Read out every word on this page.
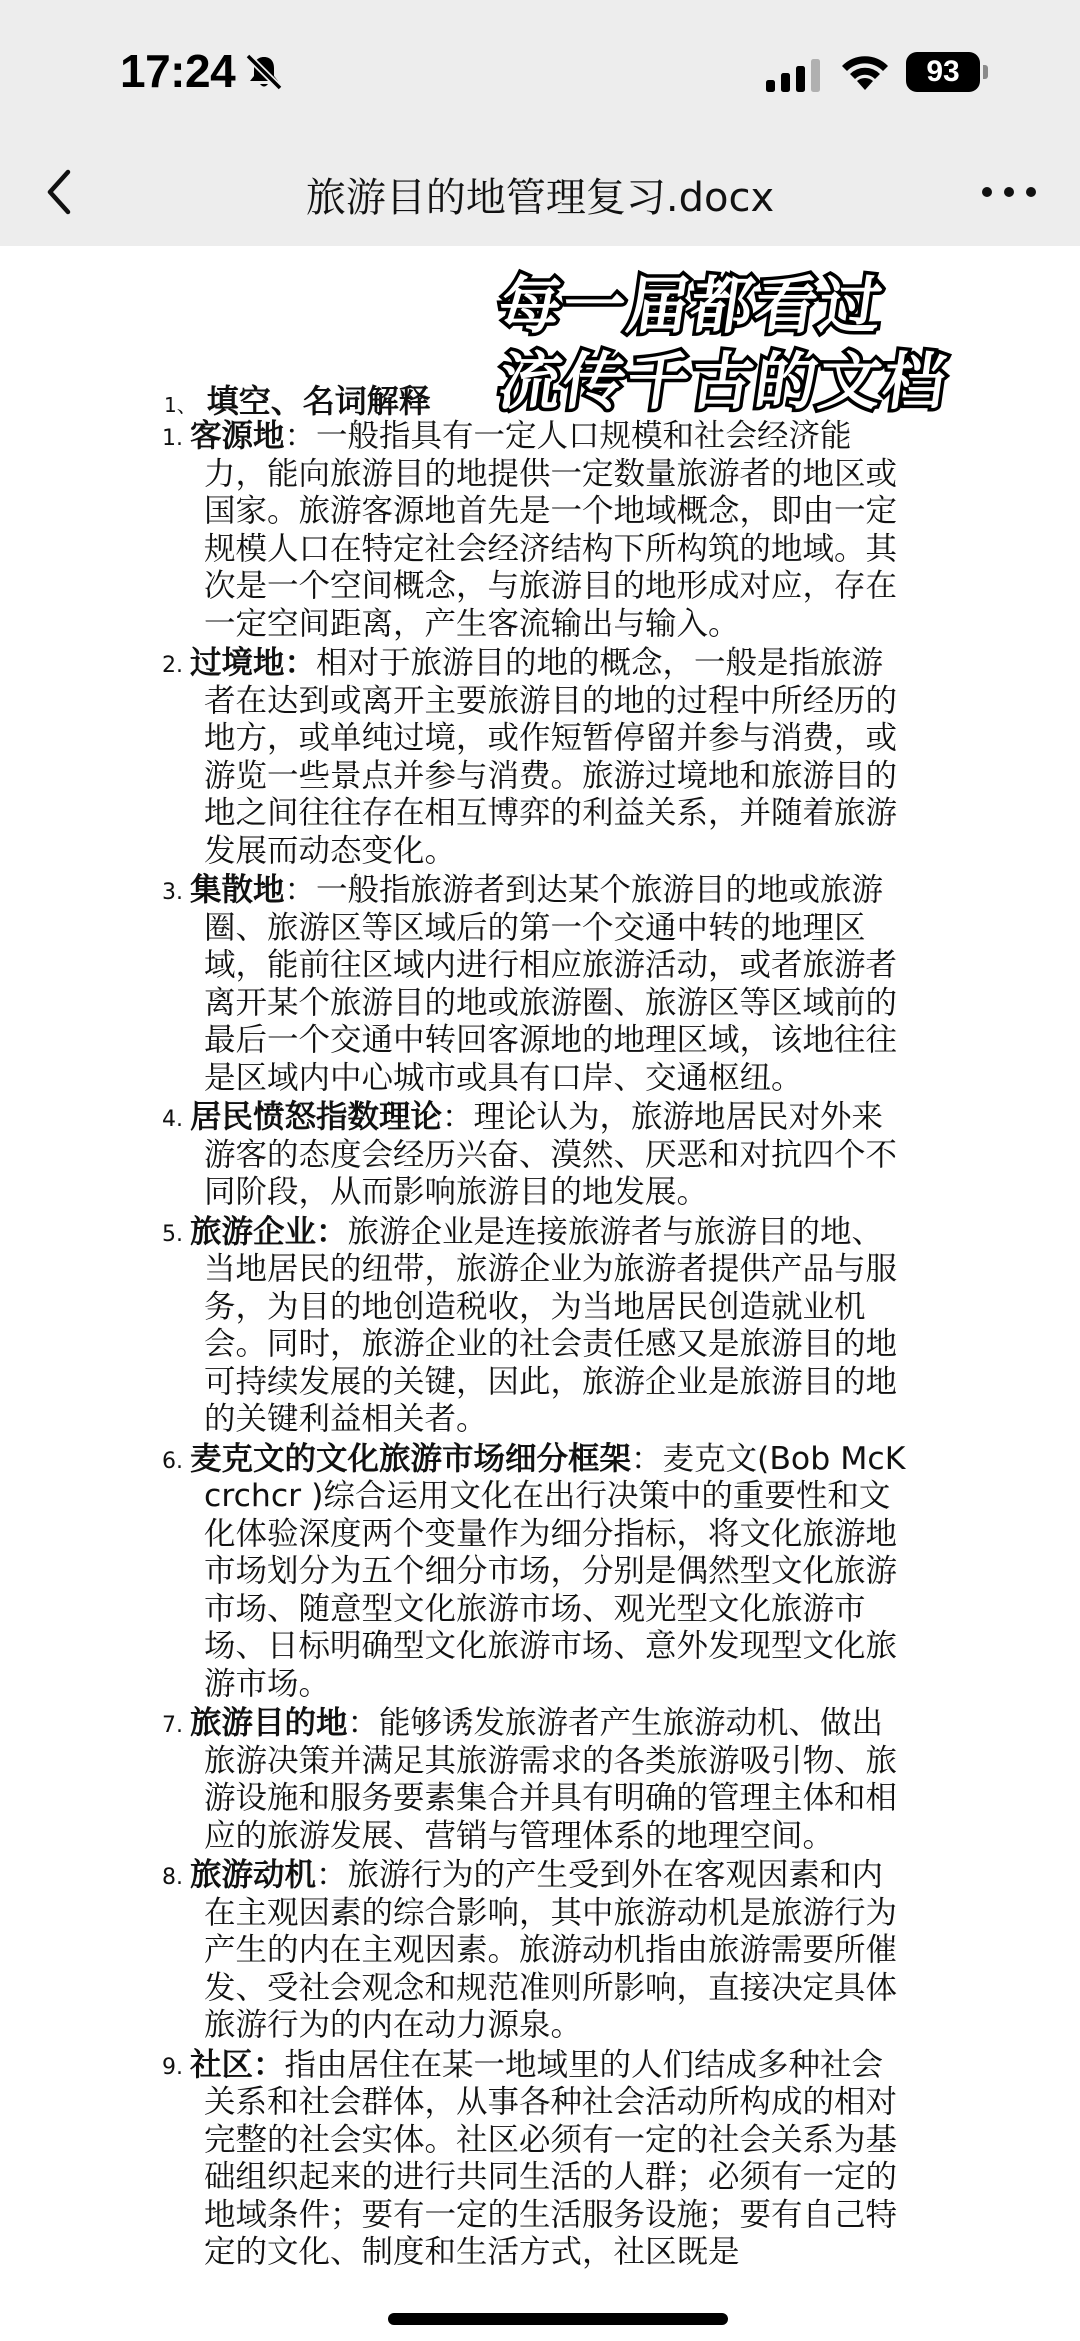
17:24	93
旅游目的地管理复习.docx
每一届都看过
流传千古的文档
1、 填空、名词解释
1. 客源地：一般指具有一定人口规模和社会经济能力，能向旅游目的地提供一定数量旅游者的地区或国家。旅游客源地首先是一个地域概念，即由一定规模人口在特定社会经济结构下所构筑的地域。其次是一个空间概念，与旅游目的地形成对应，存在一定空间距离，产生客流输出与输入。
2. 过境地：相对于旅游目的地的概念，一般是指旅游者在达到或离开主要旅游目的地的过程中所经历的地方，或单纯过境，或作短暂停留并参与消费，或游览一些景点并参与消费。旅游过境地和旅游目的地之间往往存在相互博弈的利益关系，并随着旅游发展而动态变化。
3. 集散地：一般指旅游者到达某个旅游目的地或旅游圈、旅游区等区域后的第一个交通中转的地理区域，能前往区域内进行相应旅游活动，或者旅游者离开某个旅游目的地或旅游圈、旅游区等区域前的最后一个交通中转回客源地的地理区域，该地往往是区域内中心城市或具有口岸、交通枢纽。
4. 居民愤怒指数理论：理论认为，旅游地居民对外来游客的态度会经历兴奋、漠然、厌恶和对抗四个不同阶段，从而影响旅游目的地发展。
5. 旅游企业：旅游企业是连接旅游者与旅游目的地、当地居民的纽带，旅游企业为旅游者提供产品与服务，为目的地创造税收，为当地居民创造就业机会。同时，旅游企业的社会责任感又是旅游目的地可持续发展的关键，因此，旅游企业是旅游目的地的关键利益相关者。
6. 麦克文的文化旅游市场细分框架：麦克文(Bob McKcrchcr )综合运用文化在出行决策中的重要性和文化体验深度两个变量作为细分指标，将文化旅游地市场划分为五个细分市场，分别是偶然型文化旅游市场、随意型文化旅游市场、观光型文化旅游市场、日标明确型文化旅游市场、意外发现型文化旅游市场。
7. 旅游目的地：能够诱发旅游者产生旅游动机、做出旅游决策并满足其旅游需求的各类旅游吸引物、旅游设施和服务要素集合并具有明确的管理主体和相应的旅游发展、营销与管理体系的地理空间。
8. 旅游动机：旅游行为的产生受到外在客观因素和内在主观因素的综合影响，其中旅游动机是旅游行为产生的内在主观因素。旅游动机指由旅游需要所催发、受社会观念和规范准则所影响，直接决定具体旅游行为的内在动力源泉。
9. 社区：指由居住在某一地域里的人们结成多种社会关系和社会群体，从事各种社会活动所构成的相对完整的社会实体。社区必须有一定的社会关系为基础组织起来的进行共同生活的人群；必须有一定的地域条件；要有一定的生活服务设施；要有自己特定的文化、制度和生活方式，社区既是
